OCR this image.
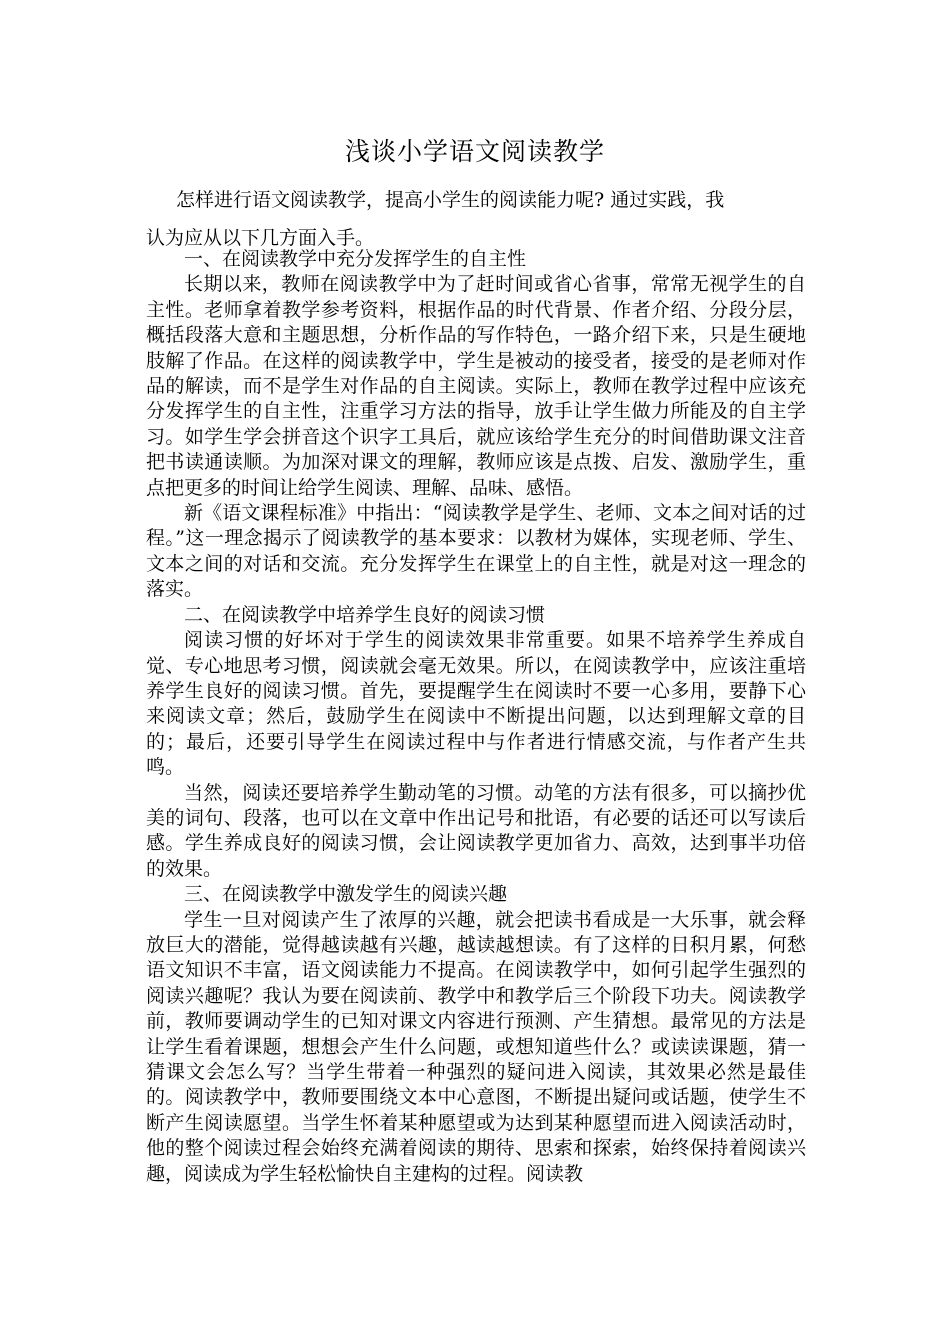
浅谈小学语文阅读教学
怎样进行语文阅读教学，提高小学生的阅读能力呢? 通过实践，我
认为应从以下几方面入手。

一、在阅读教学中充分发挥学生的自主性

长期以来，教师在阅读教学中为了赶时间或省心省事，常常无视学生的自主性。老师拿着教学参考资料，根据作品的时代背景、作者介绍、分段分层，概括段落大意和主题思想，分析作品的写作特色，一路介绍下来，只是生硬地肢解了作品。在这样的阅读教学中，学生是被动的接受者，接受的是老师对作品的解读，而不是学生对作品的自主阅读。实际上，教师在教学过程中应该充分发挥学生的自主性，注重学习方法的指导，放手让学生做力所能及的自主学习。如学生学会拼音这个识字工具后，就应该给学生充分的时间借助课文注音把书读通读顺。为加深对课文的理解，教师应该是点拨、启发、激励学生，重点把更多的时间让给学生阅读、理解、品味、感悟。

新《语文课程标准》中指出：“阅读教学是学生、老师、文本之间对话的过程。”这一理念揭示了阅读教学的基本要求：以教材为媒体，实现老师、学生、文本之间的对话和交流。充分发挥学生在课堂上的自主性，就是对这一理念的落实。

二、在阅读教学中培养学生良好的阅读习惯

阅读习惯的好坏对于学生的阅读效果非常重要。如果不培养学生养成自觉、专心地思考习惯，阅读就会毫无效果。所以，在阅读教学中，应该注重培养学生良好的阅读习惯。首先，要提醒学生在阅读时不要一心多用，要静下心来阅读文章；然后，鼓励学生在阅读中不断提出问题，以达到理解文章的目的；最后，还要引导学生在阅读过程中与作者进行情感交流，与作者产生共鸣。

当然，阅读还要培养学生勤动笔的习惯。动笔的方法有很多，可以摘抄优美的词句、段落，也可以在文章中作出记号和批语，有必要的话还可以写读后感。学生养成良好的阅读习惯，会让阅读教学更加省力、高效，达到事半功倍的效果。

三、在阅读教学中激发学生的阅读兴趣

学生一旦对阅读产生了浓厚的兴趣，就会把读书看成是一大乐事，就会释放巨大的潜能，觉得越读越有兴趣，越读越想读。有了这样的日积月累，何愁语文知识不丰富，语文阅读能力不提高。在阅读教学中，如何引起学生强烈的阅读兴趣呢？我认为要在阅读前、教学中和教学后三个阶段下功夫。阅读教学前，教师要调动学生的已知对课文内容进行预测、产生猜想。最常见的方法是让学生看着课题，想想会产生什么问题，或想知道些什么？或读读课题，猜一猜课文会怎么写？当学生带着一种强烈的疑问进入阅读，其效果必然是最佳的。阅读教学中，教师要围绕文本中心意图，不断提出疑问或话题，使学生不断产生阅读愿望。当学生怀着某种愿望或为达到某种愿望而进入阅读活动时，他的整个阅读过程会始终充满着阅读的期待、思索和探索，始终保持着阅读兴趣，阅读成为学生轻松愉快自主建构的过程。阅读教
